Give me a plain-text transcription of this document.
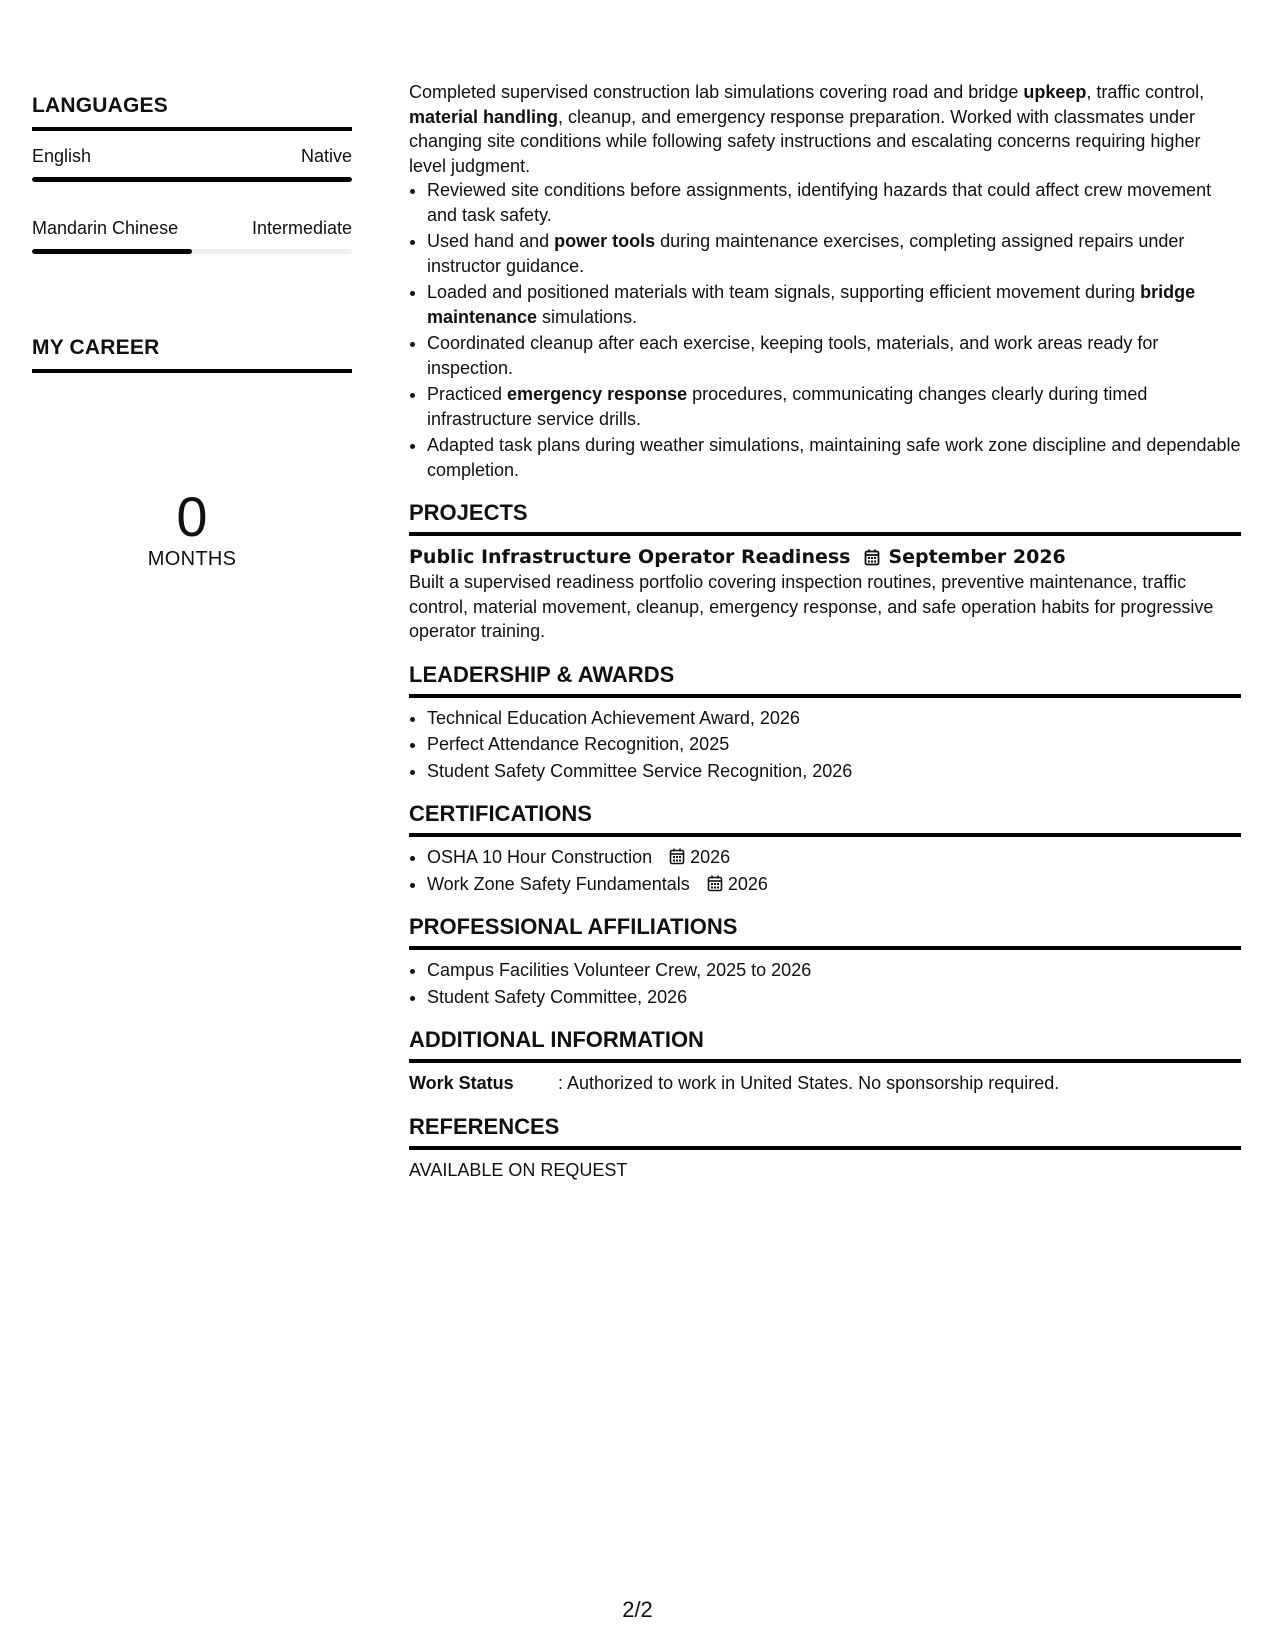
LANGUAGES
English	Native
Mandarin Chinese	Intermediate
MY CAREER
0
MONTHS

Completed supervised construction lab simulations covering road and bridge upkeep, traffic control, material handling, cleanup, and emergency response preparation. Worked with classmates under changing site conditions while following safety instructions and escalating concerns requiring higher level judgment.

• Reviewed site conditions before assignments, identifying hazards that could affect crew movement and task safety.
• Used hand and power tools during maintenance exercises, completing assigned repairs under instructor guidance.
• Loaded and positioned materials with team signals, supporting efficient movement during bridge maintenance simulations.
• Coordinated cleanup after each exercise, keeping tools, materials, and work areas ready for inspection.
• Practiced emergency response procedures, communicating changes clearly during timed infrastructure service drills.
• Adapted task plans during weather simulations, maintaining safe work zone discipline and dependable completion.
PROJECTS
Public Infrastructure Operator Readiness September 2026

Built a supervised readiness portfolio covering inspection routines, preventive maintenance, traffic control, material movement, cleanup, emergency response, and safe operation habits for progressive operator training.

LEADERSHIP & AWARDS
• Technical Education Achievement Award, 2026
• Perfect Attendance Recognition, 2025
• Student Safety Committee Service Recognition, 2026
CERTIFICATIONS
• OSHA 10 Hour Construction 2026
• Work Zone Safety Fundamentals 2026
PROFESSIONAL AFFILIATIONS
• Campus Facilities Volunteer Crew, 2025 to 2026
• Student Safety Committee, 2026
ADDITIONAL INFORMATION
Work Status	: Authorized to work in United States. No sponsorship required.
REFERENCES

AVAILABLE ON REQUEST

2/2
